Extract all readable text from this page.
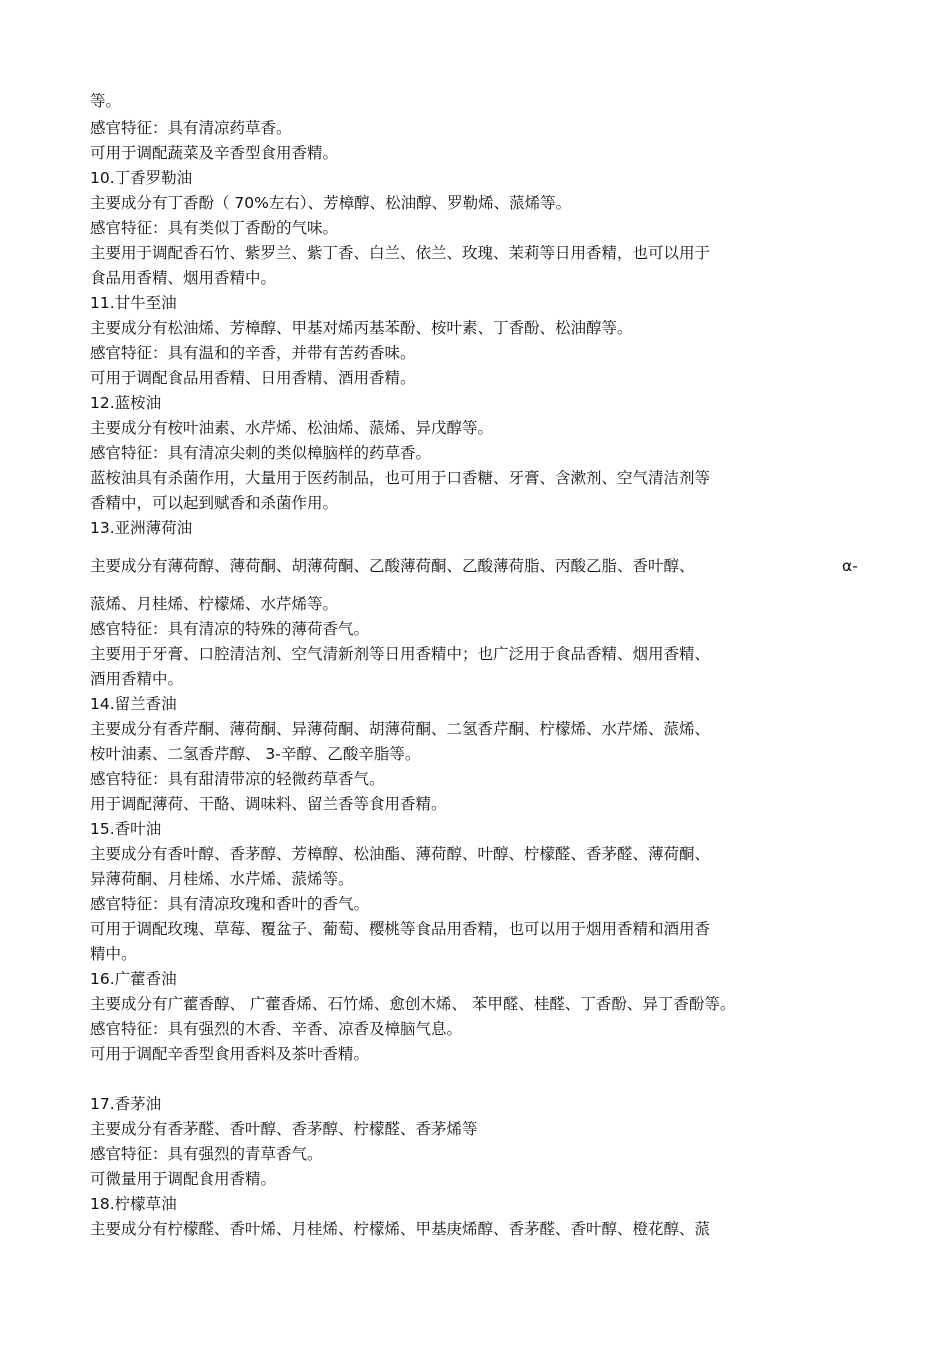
等。
感官特征：具有清凉药草香。
可用于调配蔬菜及辛香型食用香精。
10.丁香罗勒油
主要成分有丁香酚（ 70%左右）、芳樟醇、松油醇、罗勒烯、蒎烯等。
感官特征：具有类似丁香酚的气味。
主要用于调配香石竹、紫罗兰、紫丁香、白兰、依兰、玫瑰、茉莉等日用香精，也可以用于
食品用香精、烟用香精中。
11.甘牛至油
主要成分有松油烯、芳樟醇、甲基对烯丙基苯酚、桉叶素、丁香酚、松油醇等。
感官特征：具有温和的辛香，并带有苦药香味。
可用于调配食品用香精、日用香精、酒用香精。
12.蓝桉油
主要成分有桉叶油素、水芹烯、松油烯、蒎烯、异戊醇等。
感官特征：具有清凉尖刺的类似樟脑样的药草香。
蓝桉油具有杀菌作用，大量用于医药制品，也可用于口香糖、牙膏、含漱剂、空气清洁剂等
香精中，可以起到赋香和杀菌作用。
13.亚洲薄荷油
主要成分有薄荷醇、薄荷酮、胡薄荷酮、乙酸薄荷酮、乙酸薄荷脂、丙酸乙脂、香叶醇、	α-
蒎烯、月桂烯、柠檬烯、水芹烯等。
感官特征：具有清凉的特殊的薄荷香气。
主要用于牙膏、口腔清洁剂、空气清新剂等日用香精中；也广泛用于食品香精、烟用香精、
酒用香精中。
14.留兰香油
主要成分有香芹酮、薄荷酮、异薄荷酮、胡薄荷酮、二氢香芹酮、柠檬烯、水芹烯、蒎烯、
桉叶油素、二氢香芹醇、 3-辛醇、乙酸辛脂等。
感官特征：具有甜清带凉的轻微药草香气。
用于调配薄荷、干酪、调味料、留兰香等食用香精。
15.香叶油
主要成分有香叶醇、香茅醇、芳樟醇、松油酯、薄荷醇、叶醇、柠檬醛、香茅醛、薄荷酮、
异薄荷酮、月桂烯、水芹烯、蒎烯等。
感官特征：具有清凉玫瑰和香叶的香气。
可用于调配玫瑰、草莓、覆盆子、葡萄、樱桃等食品用香精，也可以用于烟用香精和酒用香
精中。
16.广藿香油
主要成分有广藿香醇、 广藿香烯、石竹烯、愈创木烯、 苯甲醛、桂醛、丁香酚、异丁香酚等。
感官特征：具有强烈的木香、辛香、凉香及樟脑气息。
可用于调配辛香型食用香料及茶叶香精。
17.香茅油
主要成分有香茅醛、香叶醇、香茅醇、柠檬醛、香茅烯等
感官特征：具有强烈的青草香气。
可微量用于调配食用香精。
18.柠檬草油
主要成分有柠檬醛、香叶烯、月桂烯、柠檬烯、甲基庚烯醇、香茅醛、香叶醇、橙花醇、蒎
